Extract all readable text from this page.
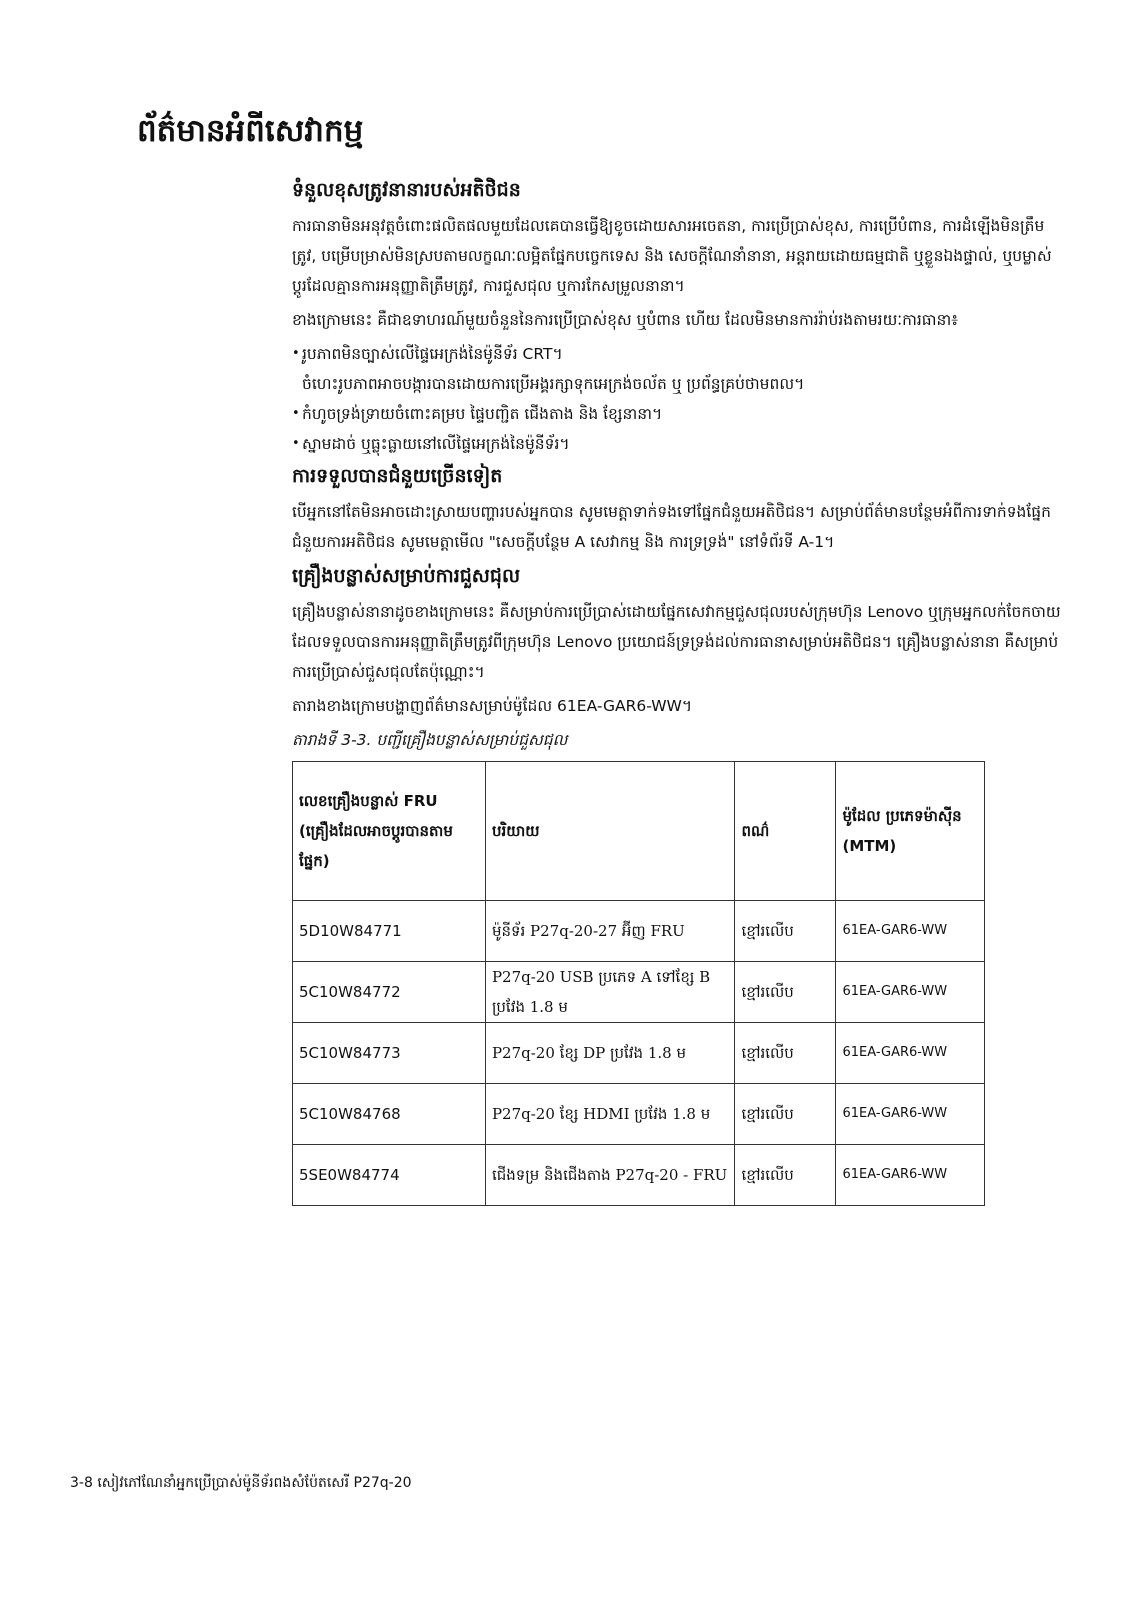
ព័ត៌មានអំពីសេវាកម្ម
ទំនួលខុសត្រូវនានារបស់អតិថិជន

ការធានាមិនអនុវត្តចំពោះផលិតផលមួយដែលគេបានធ្វើឱ្យខូចដោយសារអចេតនា, ការប្រើប្រាស់ខុស, ការប្រើបំពាន, ការដំឡើងមិនត្រឹមត្រូវ, បម្រើបម្រាស់មិនស្របតាមលក្ខណៈលម្អិតផ្នែកបច្ចេកទេស និង សេចក្តីណែនាំនានា, អន្តរាយដោយធម្មជាតិ ឬខ្លួនឯងផ្ទាល់, ឬបម្លាស់ប្តូរដែលគ្មានការអនុញ្ញាតិត្រឹមត្រូវ, ការជួសជុល ឬការកែសម្រួលនានា។

ខាងក្រោមនេះ គឺជាឧទាហរណ៍មួយចំនួននៃការប្រើប្រាស់ខុស ឬបំពាន ហើយ ដែលមិនមានការរ៉ាប់រងតាមរយៈការធានា៖

• រូបភាពមិនច្បាស់លើផ្ទៃអេក្រង់នៃម៉ូនីទ័រ CRT។
ចំហេះរូបភាពអាចបង្ការបានដោយការប្រើអង្គរក្សាទុកអេក្រង់ចល័ត ឬ ប្រព័ន្ធគ្រប់ថាមពល។
• កំហូចទ្រង់ទ្រាយចំពោះគម្រប ផ្ទៃបញ្ជិត ជើងតាង និង ខ្សែនានា។
• ស្នាមដាច់ ឬធ្លុះធ្លាយនៅលើផ្ទៃអេក្រង់នៃម៉ូនីទ័រ។
ការទទួលបានជំនួយច្រើនទៀត

បើអ្នកនៅតែមិនអាចដោះស្រាយបញ្ហារបស់អ្នកបាន សូមមេត្តាទាក់ទងទៅផ្នែកជំនួយអតិថិជន។ សម្រាប់ព័ត៌មានបន្ថែមអំពីការទាក់ទងផ្នែកជំនួយការអតិថិជន សូមមេត្តាមើល "សេចក្តីបន្ថែម A សេវាកម្ម និង ការទ្រទ្រង់" នៅទំព័រទី A-1។

គ្រឿងបន្លាស់សម្រាប់ការជួសជុល

គ្រឿងបន្លាស់នានាដូចខាងក្រោមនេះ គឺសម្រាប់ការប្រើប្រាស់ដោយផ្នែកសេវាកម្មជួសជុលរបស់ក្រុមហ៊ុន Lenovo ឬក្រុមអ្នកលក់ចែកចាយដែលទទួលបានការអនុញ្ញាតិត្រឹមត្រូវពីក្រុមហ៊ុន Lenovo ប្រយោជន៍ទ្រទ្រង់ដល់ការធានាសម្រាប់អតិថិជន។ គ្រឿងបន្លាស់នានា គឺសម្រាប់ការប្រើប្រាស់ជួសជុលតែប៉ុណ្ណោះ។

តារាងខាងក្រោមបង្ហាញព័ត៌មានសម្រាប់ម៉ូដែល 61EA-GAR6-WW។

តារាងទី 3-3. បញ្ជីគ្រឿងបន្លាស់សម្រាប់ជួសជុល
លេខគ្រឿងបន្លាស់ FRU (គ្រឿងដែលអាចប្តូរបានតាមផ្នែក)	បរិយាយ	ពណ៌	ម៉ូដែល ប្រភេទម៉ាស៊ីន (MTM)
5D10W84771	ម៉ូនីទ័រ P27q-20-27 អ៊ីញ FRU	ខ្មៅរលើប	61EA-GAR6-WW
5C10W84772	P27q-20 USB ប្រភេទ A ទៅខ្សែ B ប្រវែង 1.8 ម	ខ្មៅរលើប	61EA-GAR6-WW
5C10W84773	P27q-20 ខ្សែ DP ប្រវែង 1.8 ម	ខ្មៅរលើប	61EA-GAR6-WW
5C10W84768	P27q-20 ខ្សែ HDMI ប្រវែង 1.8 ម	ខ្មៅរលើប	61EA-GAR6-WW
5SE0W84774	ជើងទម្រ និងជើងតាង P27q-20 - FRU	ខ្មៅរលើប	61EA-GAR6-WW
3-8 សៀវភៅណែនាំអ្នកប្រើប្រាស់ម៉ូនីទ័រពងសំប៉ែតសេរី P27q-20
